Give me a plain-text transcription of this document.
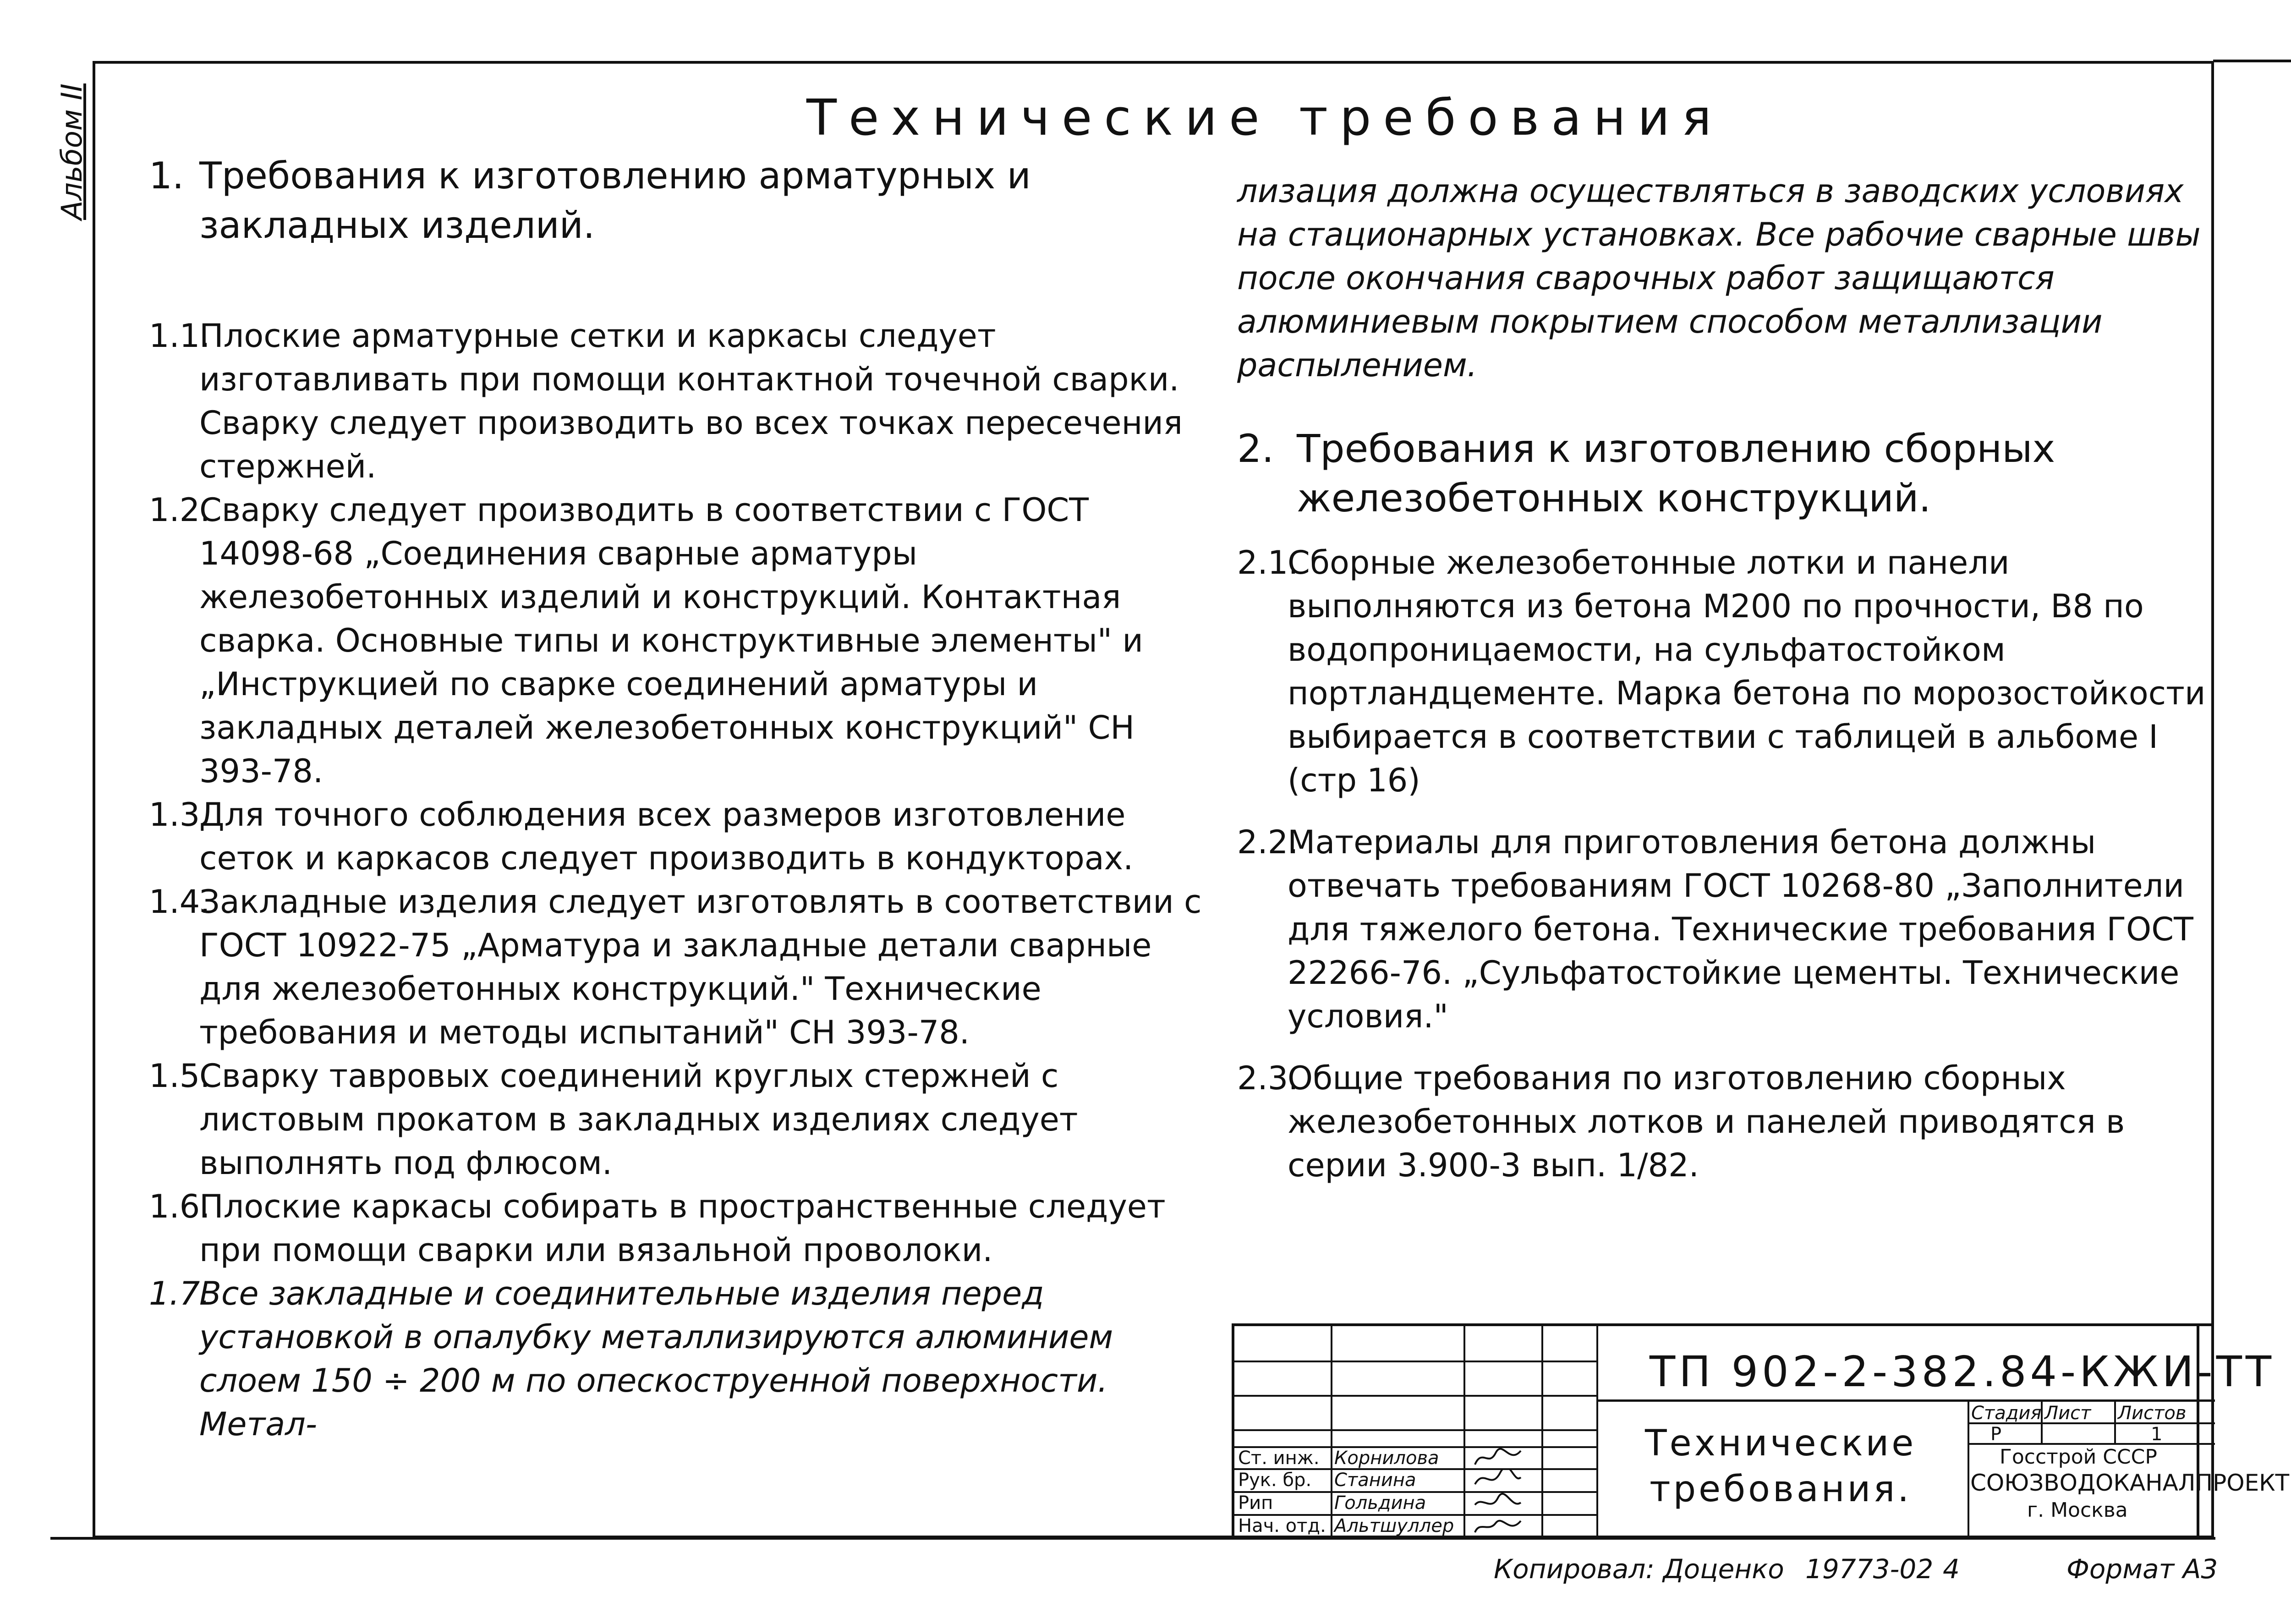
Альбом II	Технические требования
1. Требования к изготовлению арматурных и закладных изделий.
1.1.
Плоские арматурные сетки и каркасы следует изготавливать при помощи контактной точечной сварки.
Сварку следует производить во всех точках пересечения стержней.
1.2.
Сварку следует производить в соответствии с ГОСТ 14098-68 „Соединения сварные арматуры железобетонных изделий и конструкций. Контактная сварка. Основные типы и конструктивные элементы" и „Инструкцией по сварке соединений арматуры и закладных деталей железобетонных конструкций" СН 393-78.
1.3.
Для точного соблюдения всех размеров изготовление сеток и каркасов следует производить в кондукторах.
1.4.
Закладные изделия следует изготовлять в соответствии с ГОСТ 10922-75 „Арматура и закладные детали сварные для железобетонных конструкций." Технические требования и методы испытаний" СН 393-78.
1.5.
Сварку тавровых соединений круглых стержней с листовым прокатом в закладных изделиях следует выполнять под флюсом.
1.6.
Плоские каркасы собирать в пространственные следует при помощи сварки или вязальной проволоки.
1.7.
Все закладные и соединительные изделия перед установкой в опалубку металлизируются алюминием слоем 150 ÷ 200 м по опескоструенной поверхности. Метал-
лизация должна осуществляться в заводских условиях на стационарных установках. Все рабочие сварные швы после окончания сварочных работ защищаются алюминиевым покрытием способом металлизации распылением.
2. Требования к изготовлению сборных железобетонных конструкций.
2.1.
Сборные железобетонные лотки и панели выполняются из бетона М200 по прочности, В8 по водопроницаемости, на сульфатостойком портландцементе. Марка бетона по морозостойкости выбирается в соответствии с таблицей в альбоме I (стр 16)
2.2.
Материалы для приготовления бетона должны отвечать требованиям ГОСТ 10268-80 „Заполнители для тяжелого бетона. Технические требования ГОСТ 22266-76. „Сульфатостойкие цементы. Технические условия."
2.3.
Общие требования по изготовлению сборных железобетонных лотков и панелей приводятся в серии 3.900-3 вып. 1/82.
Ст. инж. Корнилова
Рук. бр. Станина
Рип	Гольдина
Нач. отд. Альтшуллер
Стадия Лист Листов
Р	1
Госстрой СССР
СОЮЗВОДОКАНАЛПРОЕКТ
г. Москва
ТП 902-2-382.84-КЖИ-ТТ
Технические
требования.
Копировал: Доценко 19773-02 4	Формат А3
